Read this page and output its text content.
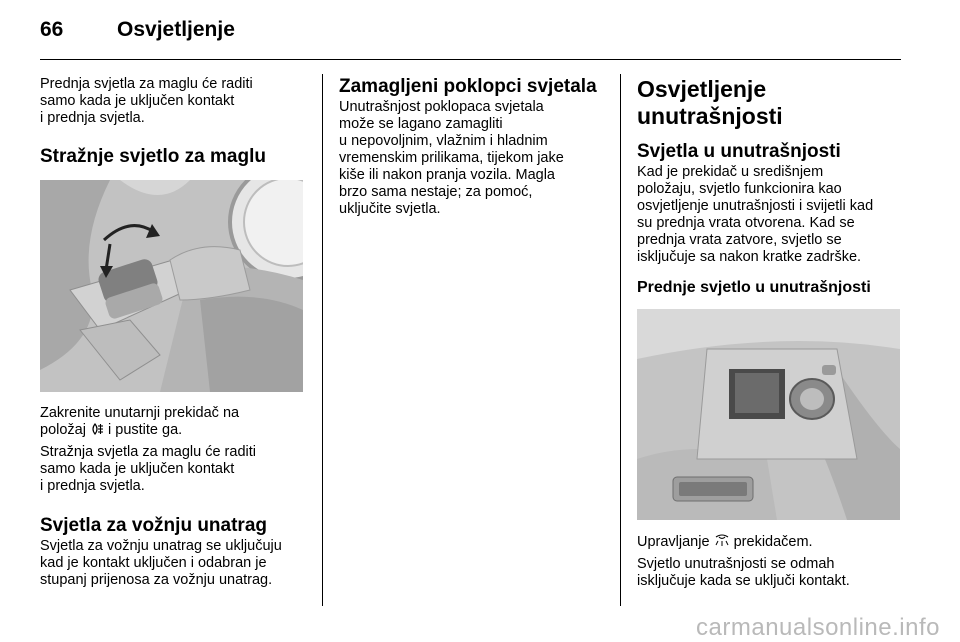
66	Osvjetljenje

Prednja svjetla za maglu će raditi
samo kada je uključen kontakt
i prednja svjetla.

Stražnje svjetlo za maglu

Zakrenite unutarnji prekidač na
položaj i pustite ga.

Stražnja svjetla za maglu će raditi
samo kada je uključen kontakt
i prednja svjetla.

Svjetla za vožnju unatrag

Svjetla za vožnju unatrag se uključuju
kad je kontakt uključen i odabran je
stupanj prijenosa za vožnju unatrag.

Zamagljeni poklopci svjetala

Unutrašnjost poklopaca svjetala
može se lagano zamagliti
u nepovoljnim, vlažnim i hladnim
vremenskim prilikama, tijekom jake
kiše ili nakon pranja vozila. Magla
brzo sama nestaje; za pomoć,
uključite svjetla.

Osvjetljenje unutrašnjosti
Svjetla u unutrašnjosti

Kad je prekidač u središnjem
položaju, svjetlo funkcionira kao
osvjetljenje unutrašnjosti i svijetli kad
su prednja vrata otvorena. Kad se
prednja vrata zatvore, svjetlo se
isključuje sa nakon kratke zadrške.

Prednje svjetlo u unutrašnjosti

Upravljanje prekidačem.

Svjetlo unutrašnjosti se odmah
isključuje kada se uključi kontakt.

carmanualsonline.info
